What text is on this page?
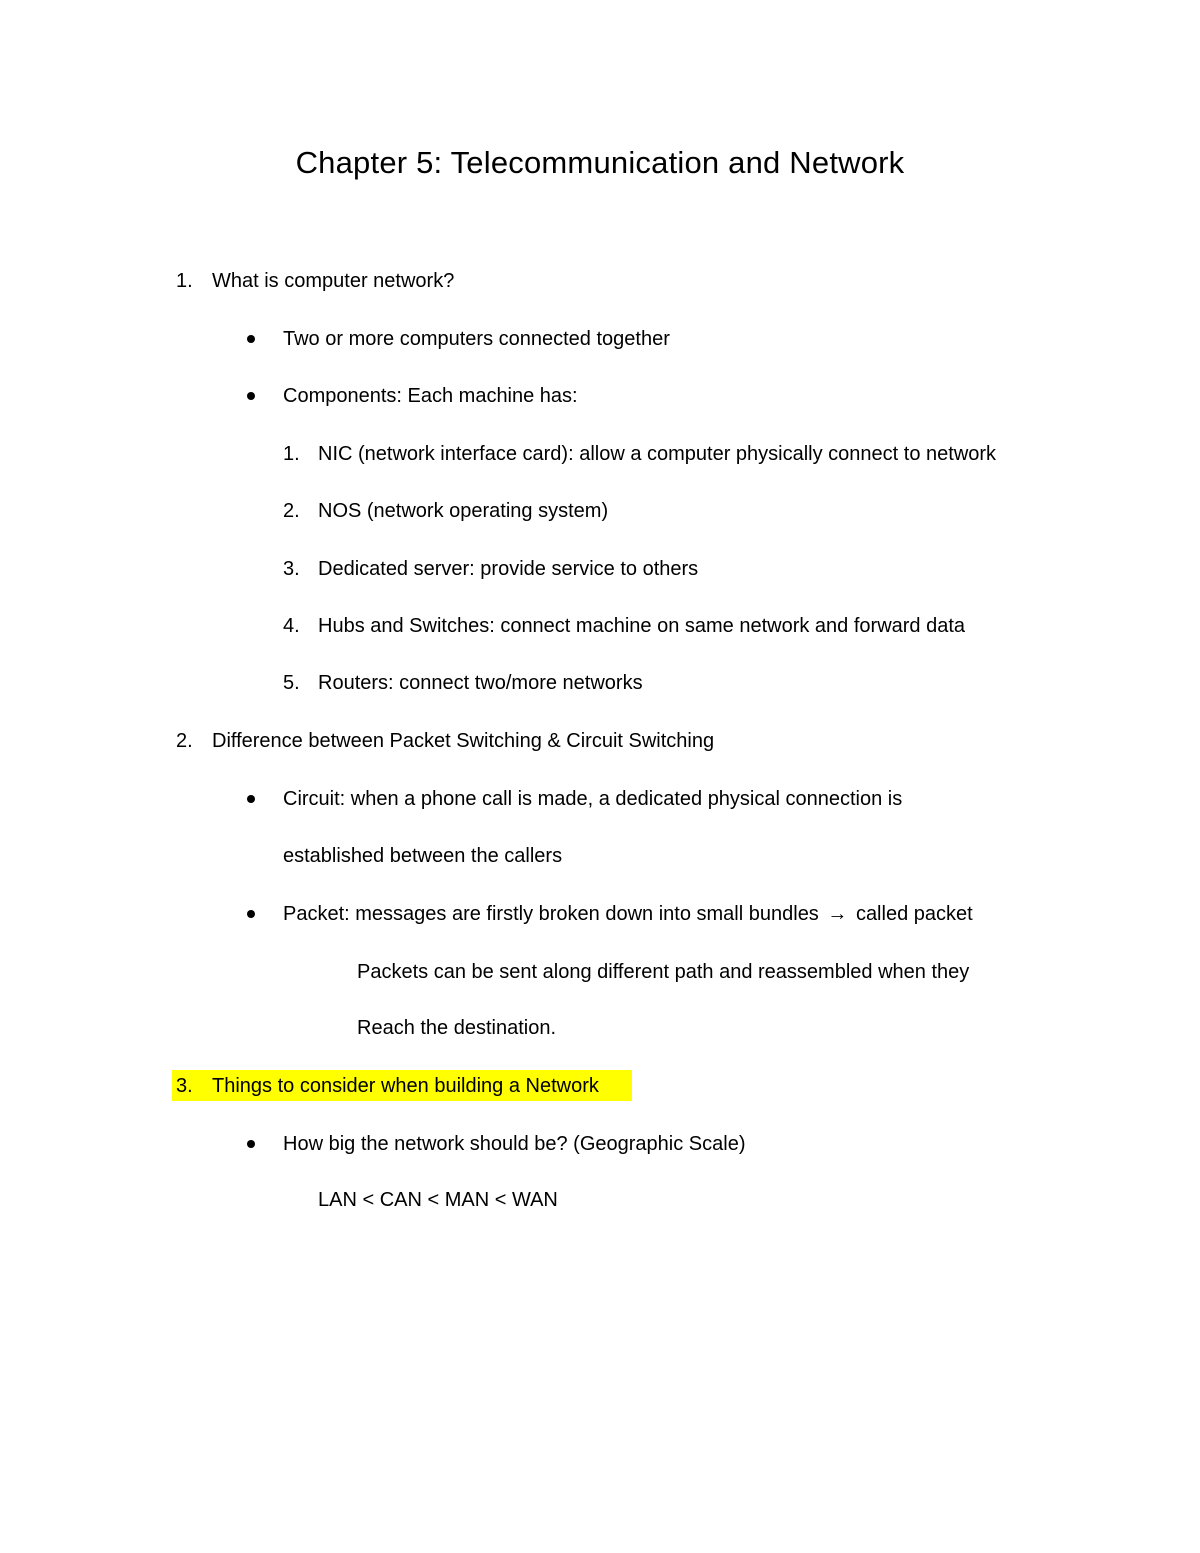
Chapter 5: Telecommunication and Network
1. What is computer network?
Two or more computers connected together
Components: Each machine has:
1. NIC (network interface card): allow a computer physically connect to network
2. NOS (network operating system)
3. Dedicated server: provide service to others
4. Hubs and Switches: connect machine on same network and forward data
5. Routers: connect two/more networks
2. Difference between Packet Switching & Circuit Switching
Circuit: when a phone call is made, a dedicated physical connection is
established between the callers
Packet: messages are firstly broken down into small bundles → called packet
Packets can be sent along different path and reassembled when they
Reach the destination.
3. Things to consider when building a Network
How big the network should be? (Geographic Scale)
LAN < CAN < MAN < WAN
